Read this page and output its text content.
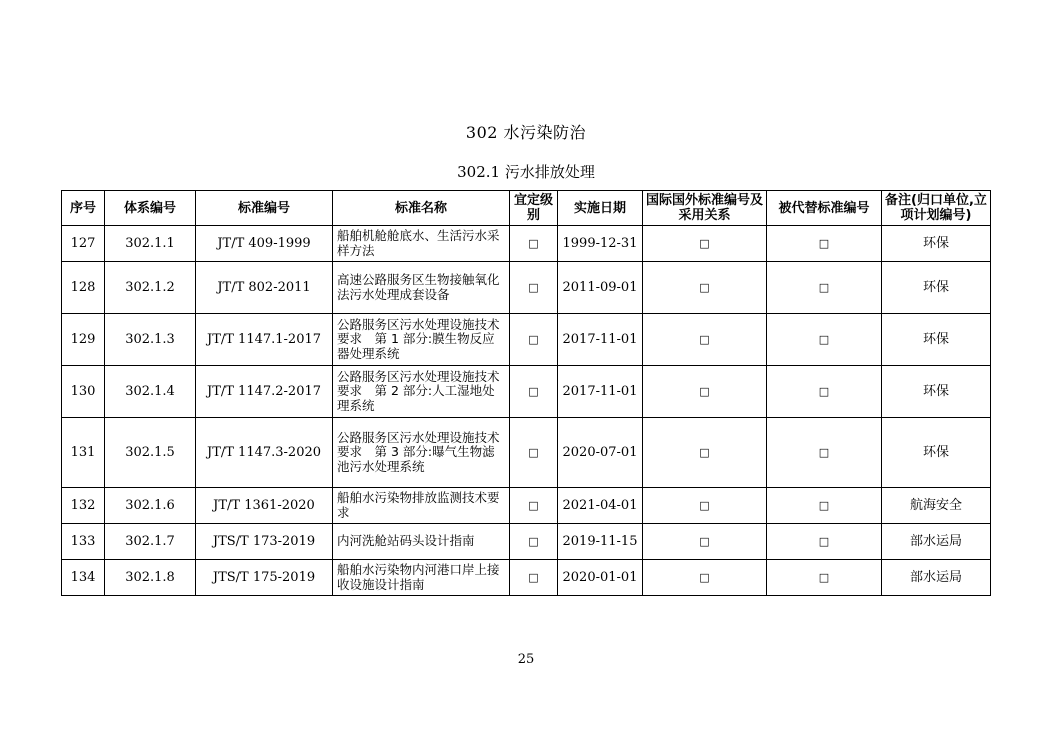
302 水污染防治
302.1 污水排放处理
序号	体系编号	标准编号	标准名称	宜定级别	实施日期	国际国外标准编号及采用关系	被代替标准编号	备注(归口单位,立项计划编号)
127	302.1.1	JT/T 409-1999	船舶机舱舱底水、生活污水采样方法	□	1999-12-31	□	□	环保
128	302.1.2	JT/T 802-2011	高速公路服务区生物接触氧化法污水处理成套设备	□	2011-09-01	□	□	环保
129	302.1.3	JT/T 1147.1-2017	公路服务区污水处理设施技术要求　第 1 部分:膜生物反应器处理系统	□	2017-11-01	□	□	环保
130	302.1.4	JT/T 1147.2-2017	公路服务区污水处理设施技术要求　第 2 部分:人工湿地处理系统	□	2017-11-01	□	□	环保
131	302.1.5	JT/T 1147.3-2020	公路服务区污水处理设施技术要求　第 3 部分:曝气生物滤池污水处理系统	□	2020-07-01	□	□	环保
132	302.1.6	JT/T 1361-2020	船舶水污染物排放监测技术要求	□	2021-04-01	□	□	航海安全
133	302.1.7	JTS/T 173-2019	内河洗舱站码头设计指南	□	2019-11-15	□	□	部水运局
134	302.1.8	JTS/T 175-2019	船舶水污染物内河港口岸上接收设施设计指南	□	2020-01-01	□	□	部水运局
25
